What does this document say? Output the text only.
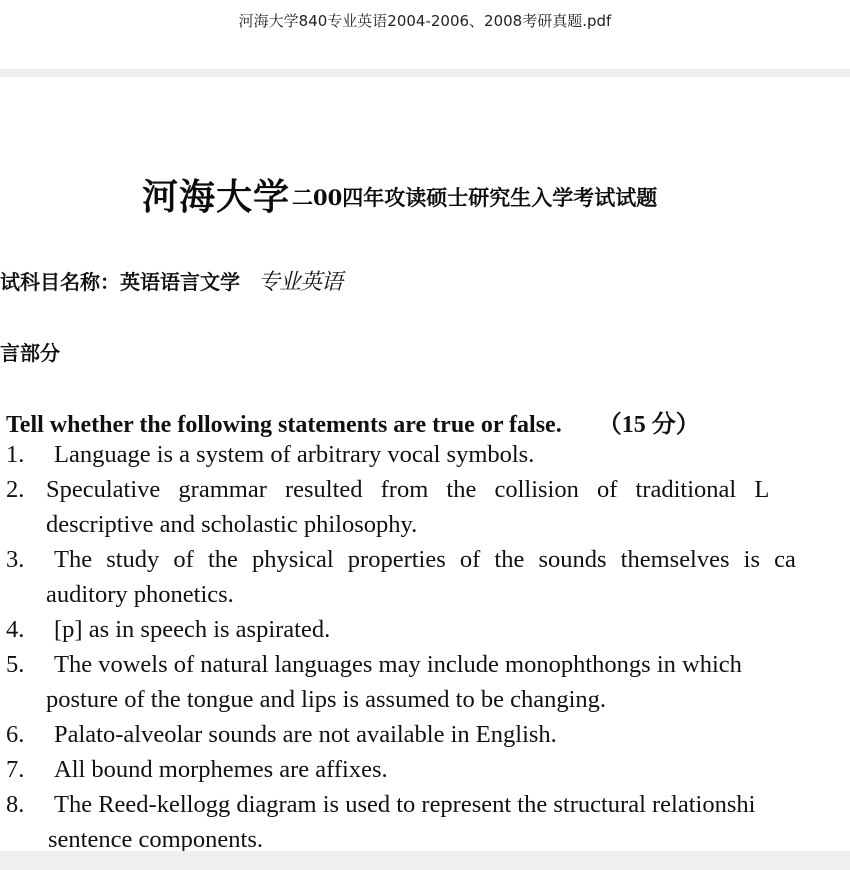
河海大学840专业英语2004-2006、2008考研真题.pdf
河海大学二00四年攻读硕士研究生入学考试试题
试科目名称：英语语言文学 专业英语
言部分
Tell whether the following statements are true or false. （15 分）
1.	Language is a system of arbitrary vocal symbols.
2. Speculative grammar resulted from the collision of traditional L
descriptive and scholastic philosophy.
3.	The study of the physical properties of the sounds themselves is ca
auditory phonetics.
4.	[p] as in speech is aspirated.
5.	The vowels of natural languages may include monophthongs in which
posture of the tongue and lips is assumed to be changing.
6.	Palato-alveolar sounds are not available in English.
7.	All bound morphemes are affixes.
8.	The Reed-kellogg diagram is used to represent the structural relationshi
sentence components.
